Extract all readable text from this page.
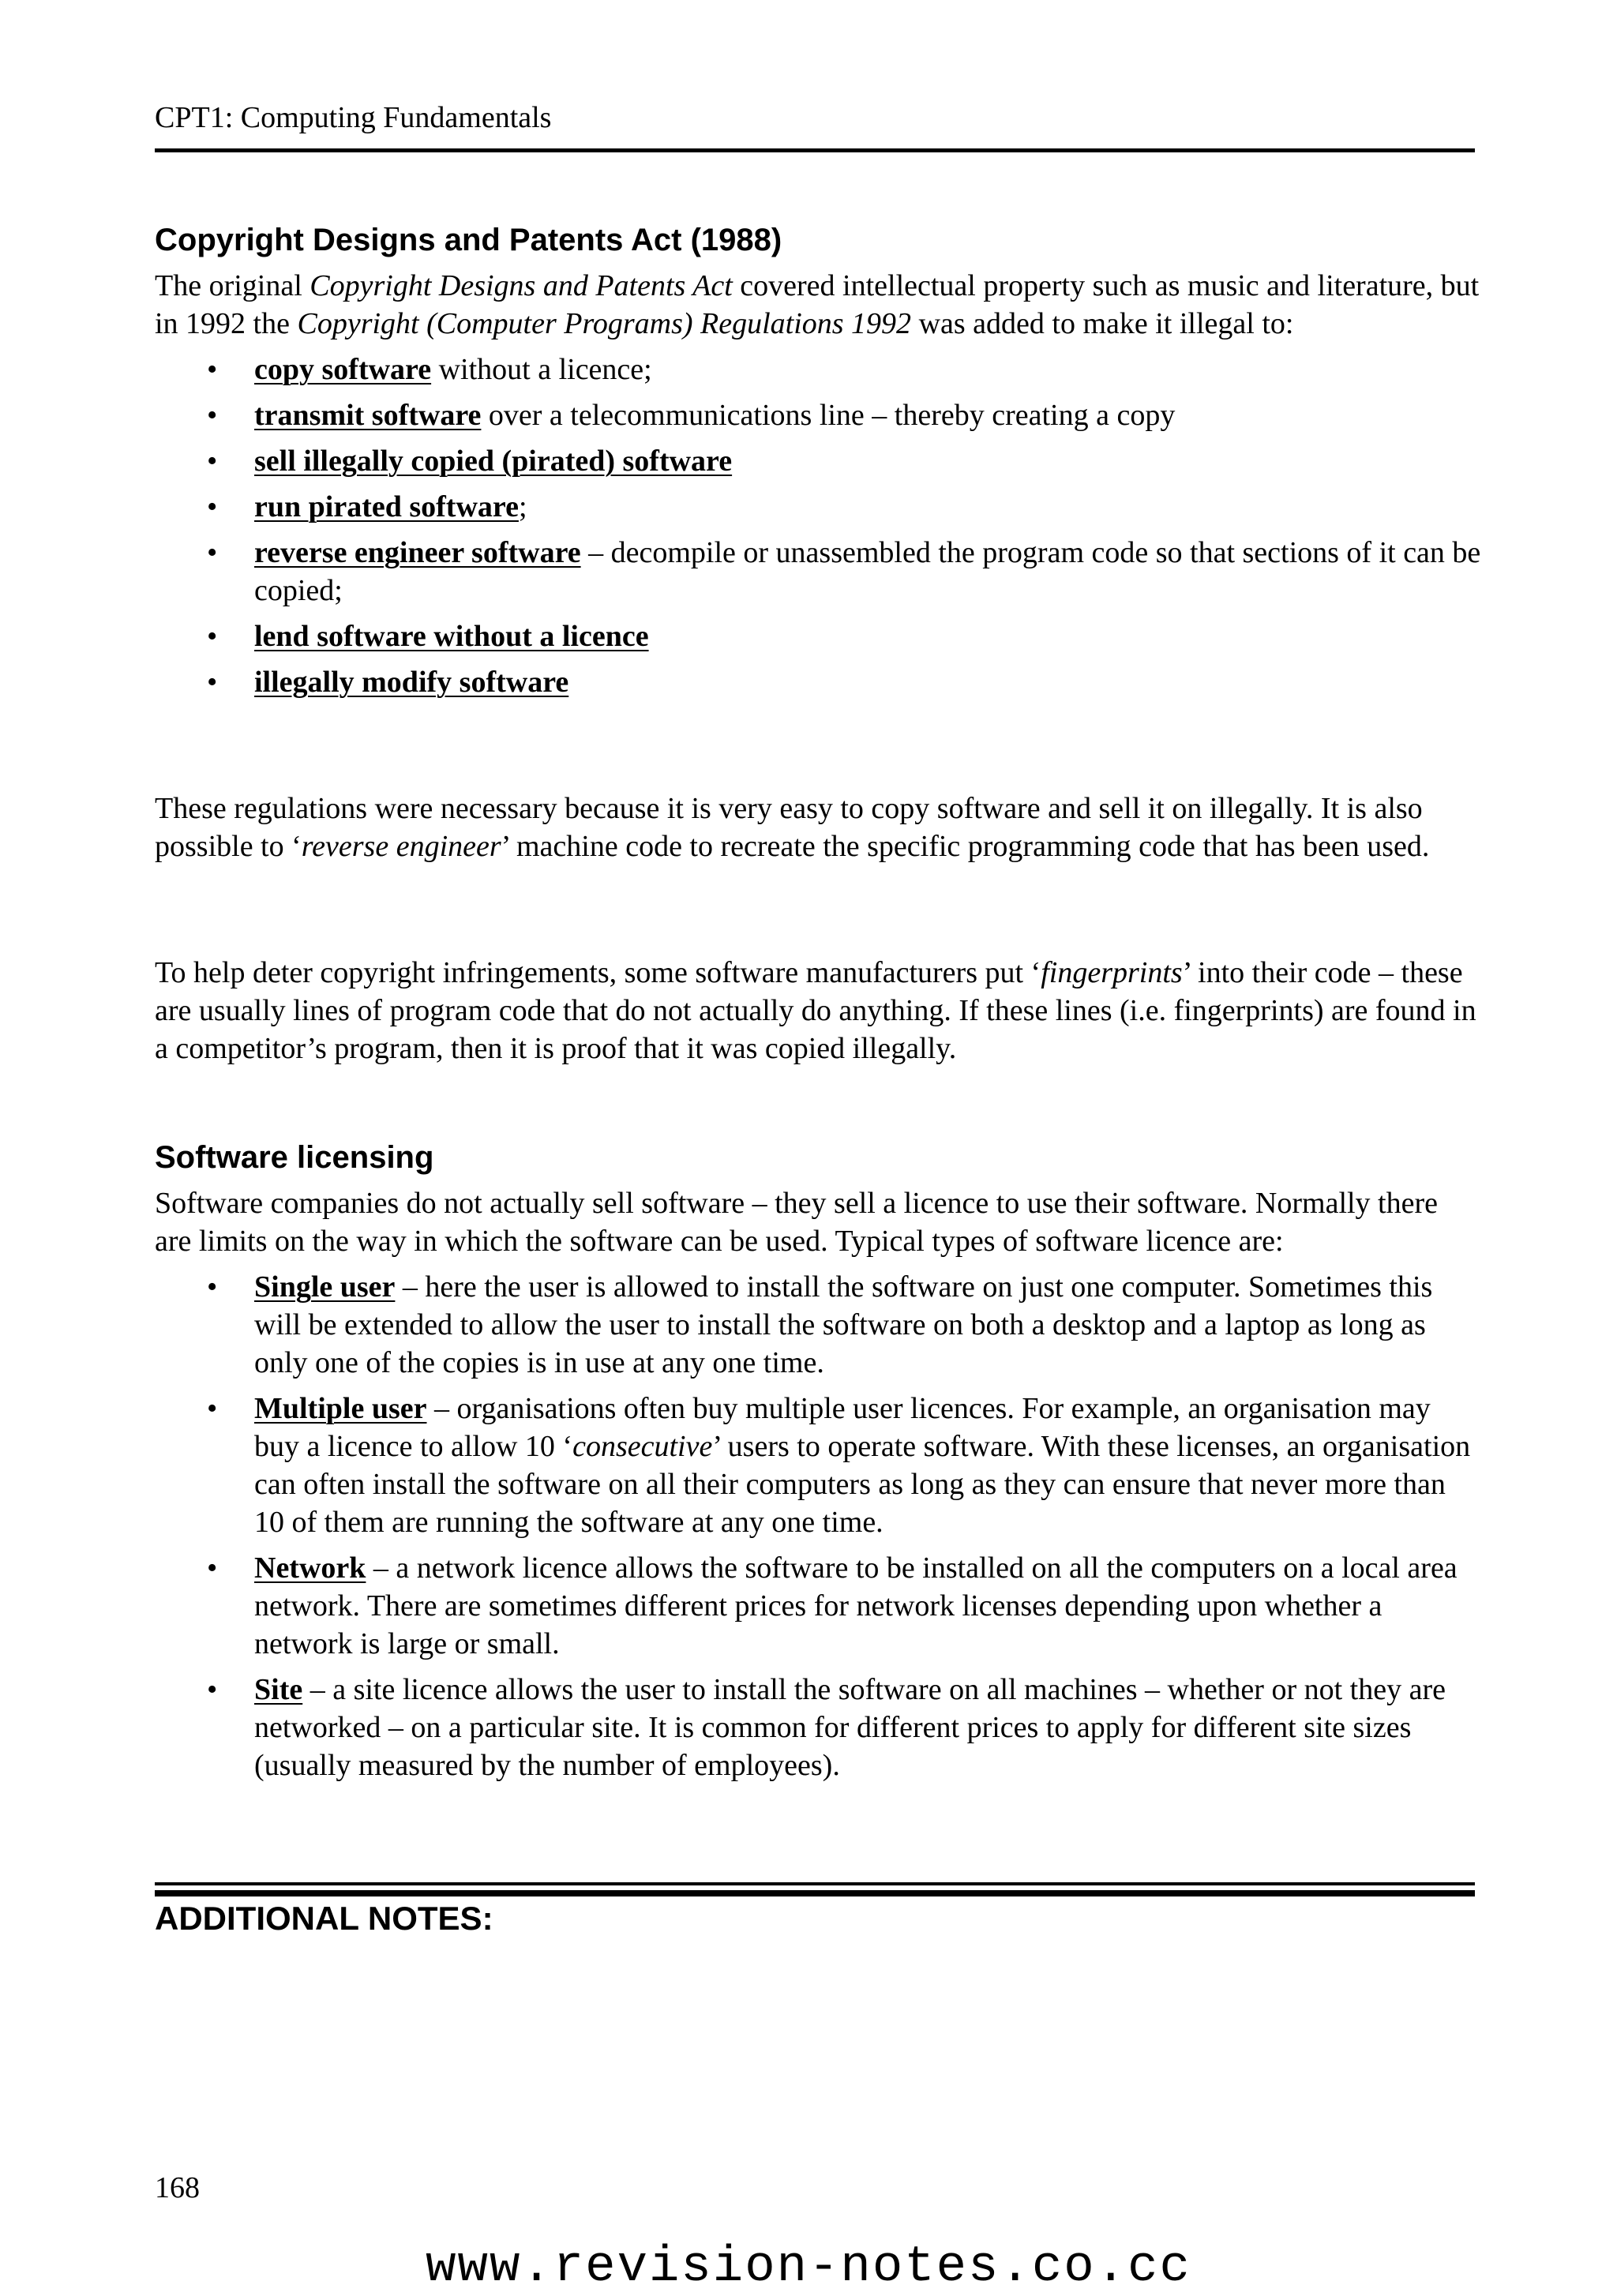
CPT1: Computing Fundamentals
Copyright Designs and Patents Act (1988)

The original Copyright Designs and Patents Act covered intellectual property such as music and literature, but in 1992 the Copyright (Computer Programs) Regulations 1992 was added to make it illegal to:

• copy software without a licence;
• transmit software over a telecommunications line – thereby creating a copy
• sell illegally copied (pirated) software
• run pirated software;
• reverse engineer software – decompile or unassembled the program code so that sections of it can be copied;
• lend software without a licence
• illegally modify software

These regulations were necessary because it is very easy to copy software and sell it on illegally. It is also possible to ‘reverse engineer’ machine code to recreate the specific programming code that has been used.

To help deter copyright infringements, some software manufacturers put ‘fingerprints’ into their code – these are usually lines of program code that do not actually do anything. If these lines (i.e. fingerprints) are found in a competitor’s program, then it is proof that it was copied illegally.

Software licensing

Software companies do not actually sell software – they sell a licence to use their software. Normally there are limits on the way in which the software can be used. Typical types of software licence are:

• Single user – here the user is allowed to install the software on just one computer. Sometimes this will be extended to allow the user to install the software on both a desktop and a laptop as long as only one of the copies is in use at any one time.
• Multiple user – organisations often buy multiple user licences. For example, an organisation may buy a licence to allow 10 ‘consecutive’ users to operate software. With these licenses, an organisation can often install the software on all their computers as long as they can ensure that never more than 10 of them are running the software at any one time.
• Network – a network licence allows the software to be installed on all the computers on a local area network. There are sometimes different prices for network licenses depending upon whether a network is large or small.
• Site – a site licence allows the user to install the software on all machines – whether or not they are networked – on a particular site. It is common for different prices to apply for different site sizes (usually measured by the number of employees).
ADDITIONAL NOTES:
168
www.revision-notes.co.cc
